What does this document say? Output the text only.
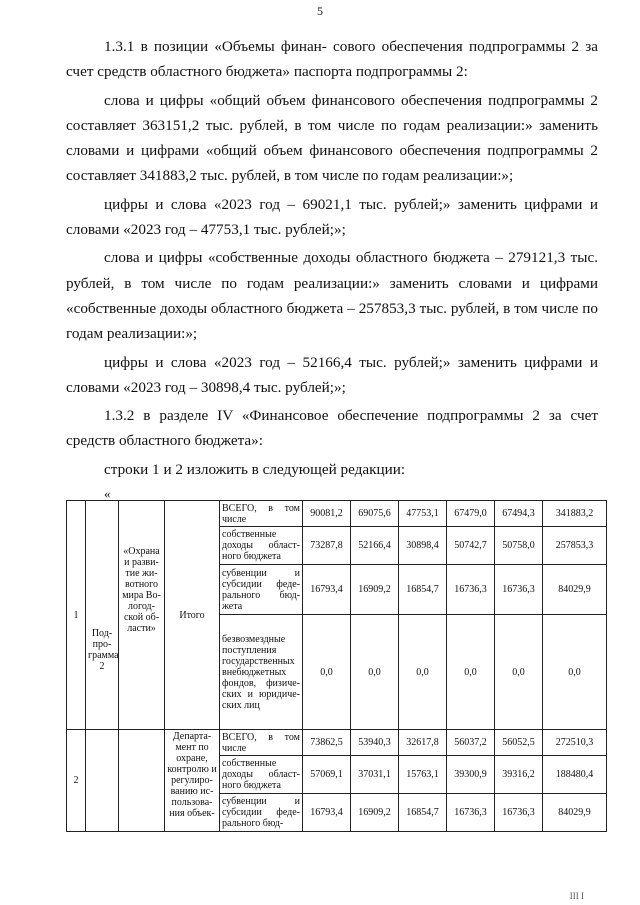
5

1.3.1 в позиции «Объемы финан- сового обеспечения подпрограммы 2 за счет средств областного бюджета» паспорта подпрограммы 2:

слова и цифры «общий объем финансового обеспечения подпрограммы 2 составляет 363151,2 тыс. рублей, в том числе по годам реализации:» заменить словами и цифрами «общий объем финансового обеспечения подпрограммы 2 составляет 341883,2 тыс. рублей, в том числе по годам реализации:»;

цифры и слова «2023 год – 69021,1 тыс. рублей;» заменить цифрами и словами «2023 год – 47753,1 тыс. рублей;»;

слова и цифры «собственные доходы областного бюджета – 279121,3 тыс. рублей, в том числе по годам реализации:» заменить словами и цифрами «собственные доходы областного бюджета – 257853,3 тыс. рублей, в том числе по годам реализации:»;

цифры и слова «2023 год – 52166,4 тыс. рублей;» заменить цифрами и словами «2023 год – 30898,4 тыс. рублей;»;

1.3.2 в разделе IV «Финансовое обеспечение подпрограммы 2 за счет средств областного бюджета»:

строки 1 и 2 изложить в следующей редакции:

«
1	Под- про- грамма 2	«Охрана и разви- тие жи- вотного мира Во- логод- ской об- ласти»	Итого	ВСЕГО, в том числе	90081,2	69075,6	47753,1	67479,0	67494,3	341883,2
				собственные доходы област- ного бюджета	73287,8	52166,4	30898,4	50742,7	50758,0	257853,3
				субвенции и субсидии феде- рального бюд- жета	16793,4	16909,2	16854,7	16736,3	16736,3	84029,9
				безвозмездные поступления государственных внебюджетных фондов, физиче- ских и юридиче- ских лиц	0,0	0,0	0,0	0,0	0,0	0,0
2			Департа- мент по охране, контролю и регулиро- ванию ис- пользова- ния объек-	ВСЕГО, в том числе	73862,5	53940,3	32617,8	56037,2	56052,5	272510,3
				собственные доходы област- ного бюджета	57069,1	37031,1	15763,1	39300,9	39316,2	188480,4
				субвенции и субсидии феде- рального бюд-	16793,4	16909,2	16854,7	16736,3	16736,3	84029,9
III I
